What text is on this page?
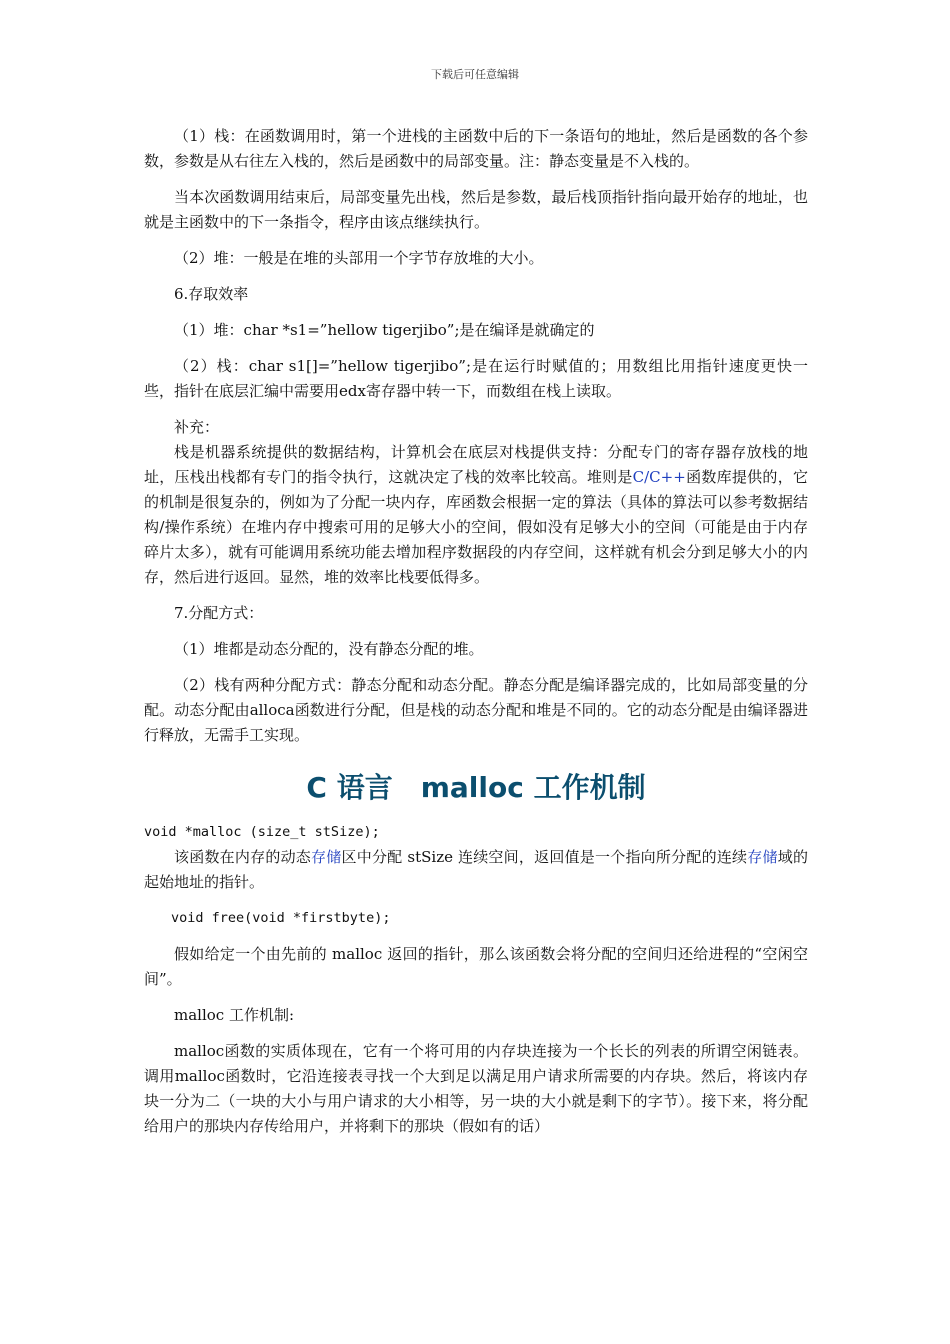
下载后可任意编辑

（1）栈：在函数调用时，第一个进栈的主函数中后的下一条语句的地址，然后是函数的各个参数，参数是从右往左入栈的，然后是函数中的局部变量。注：静态变量是不入栈的。

当本次函数调用结束后，局部变量先出栈，然后是参数，最后栈顶指针指向最开始存的地址，也就是主函数中的下一条指令，程序由该点继续执行。

（2）堆：一般是在堆的头部用一个字节存放堆的大小。

6.存取效率

（1）堆：char *s1=”hellow tigerjibo”;是在编译是就确定的

（2）栈：char s1[]=”hellow tigerjibo”;是在运行时赋值的；用数组比用指针速度更快一些，指针在底层汇编中需要用edx寄存器中转一下，而数组在栈上读取。

补充：

栈是机器系统提供的数据结构，计算机会在底层对栈提供支持：分配专门的寄存器存放栈的地址，压栈出栈都有专门的指令执行，这就决定了栈的效率比较高。堆则是C/C++函数库提供的，它的机制是很复杂的，例如为了分配一块内存，库函数会根据一定的算法（具体的算法可以参考数据结构/操作系统）在堆内存中搜索可用的足够大小的空间，假如没有足够大小的空间（可能是由于内存碎片太多），就有可能调用系统功能去增加程序数据段的内存空间，这样就有机会分到足够大小的内存，然后进行返回。显然，堆的效率比栈要低得多。

7.分配方式：

（1）堆都是动态分配的，没有静态分配的堆。

（2）栈有两种分配方式：静态分配和动态分配。静态分配是编译器完成的，比如局部变量的分配。动态分配由alloca函数进行分配，但是栈的动态分配和堆是不同的。它的动态分配是由编译器进行释放，无需手工实现。

C 语言　malloc 工作机制

void *malloc (size_t stSize);

该函数在内存的动态存储区中分配 stSize 连续空间，返回值是一个指向所分配的连续存储域的起始地址的指针。

void free(void *firstbyte);

假如给定一个由先前的 malloc 返回的指针，那么该函数会将分配的空间归还给进程的“空闲空间”。

malloc 工作机制:

malloc函数的实质体现在，它有一个将可用的内存块连接为一个长长的列表的所谓空闲链表。调用malloc函数时，它沿连接表寻找一个大到足以满足用户请求所需要的内存块。然后，将该内存块一分为二（一块的大小与用户请求的大小相等，另一块的大小就是剩下的字节）。接下来，将分配给用户的那块内存传给用户，并将剩下的那块（假如有的话）
